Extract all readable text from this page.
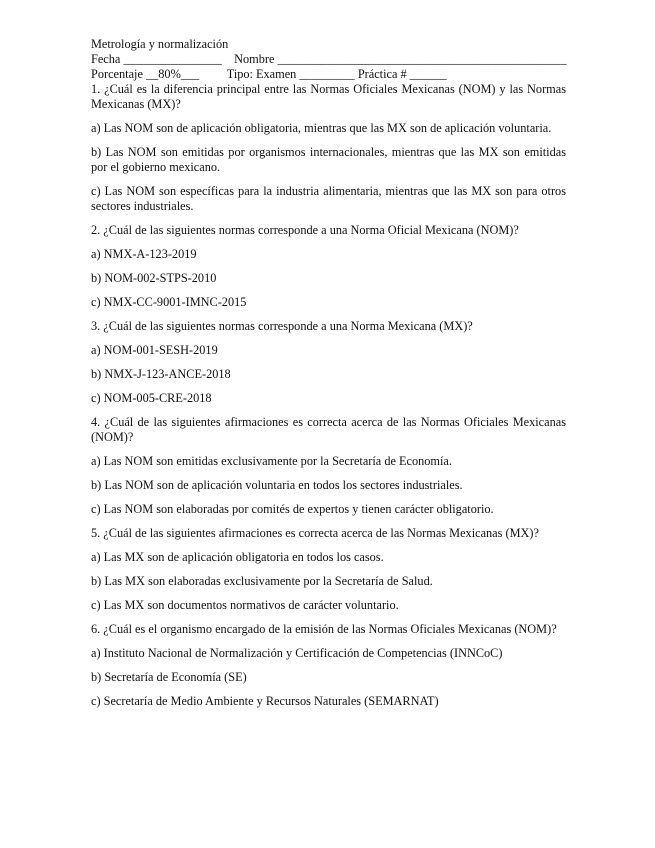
Metrología y normalización
Fecha ________________ Nombre _______________________________________________
Porcentaje __80%___ Tipo: Examen _________ Práctica # ______
1. ¿Cuál es la diferencia principal entre las Normas Oficiales Mexicanas (NOM) y las Normas Mexicanas (MX)?
a) Las NOM son de aplicación obligatoria, mientras que las MX son de aplicación voluntaria.
b) Las NOM son emitidas por organismos internacionales, mientras que las MX son emitidas por el gobierno mexicano.
c) Las NOM son específicas para la industria alimentaria, mientras que las MX son para otros sectores industriales.
2. ¿Cuál de las siguientes normas corresponde a una Norma Oficial Mexicana (NOM)?
a) NMX-A-123-2019
b) NOM-002-STPS-2010
c) NMX-CC-9001-IMNC-2015
3. ¿Cuál de las siguientes normas corresponde a una Norma Mexicana (MX)?
a) NOM-001-SESH-2019
b) NMX-J-123-ANCE-2018
c) NOM-005-CRE-2018
4. ¿Cuál de las siguientes afirmaciones es correcta acerca de las Normas Oficiales Mexicanas (NOM)?
a) Las NOM son emitidas exclusivamente por la Secretaría de Economía.
b) Las NOM son de aplicación voluntaria en todos los sectores industriales.
c) Las NOM son elaboradas por comités de expertos y tienen carácter obligatorio.
5. ¿Cuál de las siguientes afirmaciones es correcta acerca de las Normas Mexicanas (MX)?
a) Las MX son de aplicación obligatoria en todos los casos.
b) Las MX son elaboradas exclusivamente por la Secretaría de Salud.
c) Las MX son documentos normativos de carácter voluntario.
6. ¿Cuál es el organismo encargado de la emisión de las Normas Oficiales Mexicanas (NOM)?
a) Instituto Nacional de Normalización y Certificación de Competencias (INNCoC)
b) Secretaría de Economía (SE)
c) Secretaría de Medio Ambiente y Recursos Naturales (SEMARNAT)
